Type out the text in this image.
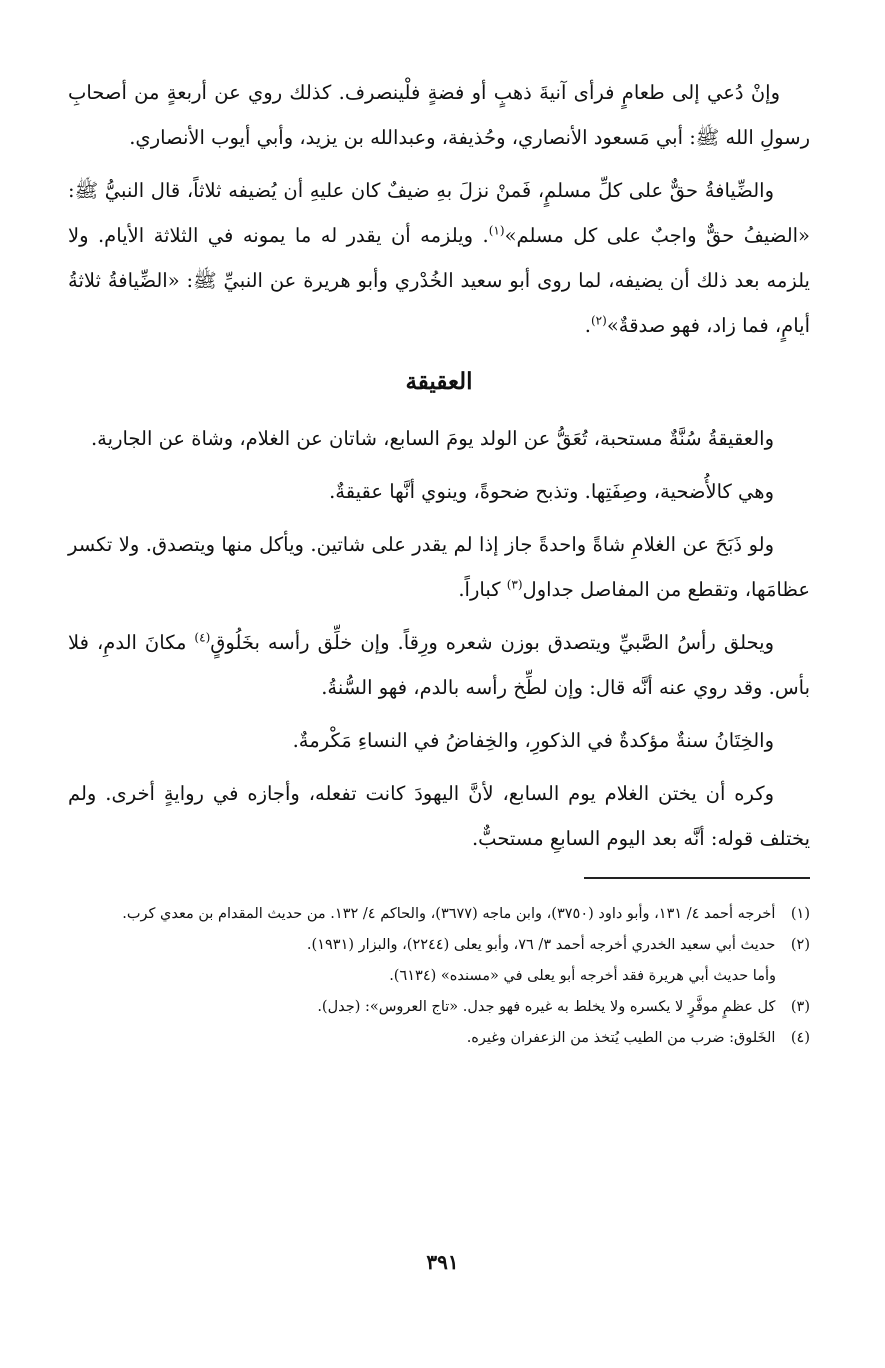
وإنْ دُعي إلى طعامٍ فرأى آنيةَ ذهبٍ أو فضةٍ فلْينصرف. كذلك روي عن أربعةٍ من أصحابِ رسولِ الله ﷺ: أبي مَسعود الأنصاري، وحُذيفة، وعبدالله بن يزيد، وأبي أيوب الأنصاري.

والضِّيافةُ حقٌّ على كلِّ مسلمٍ، فَمنْ نزلَ بهِ ضيفٌ كان عليهِ أن يُضيفه ثلاثاً، قال النبيُّ ﷺ: «الضيفُ حقٌّ واجبٌ على كل مسلم»$^{(١)}$. ويلزمه أن يقدر له ما يمونه في الثلاثة الأيام. ولا يلزمه بعد ذلك أن يضيفه، لما روى أبو سعيد الخُدْري وأبو هريرة عن النبيِّ ﷺ: «الضِّيافةُ ثلاثةُ أيامٍ، فما زاد، فهو صدقةٌ»$^{(٢)}$.

العقيقة

والعقيقةُ سُنَّةٌ مستحبة، تُعَقُّ عن الولد يومَ السابع، شاتان عن الغلام، وشاة عن الجارية.

وهي كالأُضحية، وصِفَتِها. وتذبح ضحوةً، وينوي أنَّها عقيقةٌ.

ولو ذَبَحَ عن الغلامِ شاةً واحدةً جاز إذا لم يقدر على شاتين. ويأكل منها ويتصدق. ولا تكسر عظامَها، وتقطع من المفاصل جداول$^{(٣)}$ كباراً.

ويحلق رأسُ الصَّبيِّ ويتصدق بوزن شعره ورِقاً. وإن خلِّق رأسه بخَلُوقٍ$^{(٤)}$ مكانَ الدمِ، فلا بأس. وقد روي عنه أنَّه قال: وإن لطِّخ رأسه بالدم، فهو السُّنةُ.

والخِتَانُ سنةٌ مؤكدةٌ في الذكورِ، والخِفاضُ في النساءِ مَكْرمةٌ.

وكره أن يختن الغلام يوم السابع، لأنَّ اليهودَ كانت تفعله، وأجازه في روايةٍ أخرى. ولم يختلف قوله: أنَّه بعد اليوم السابعِ مستحبٌّ.

(١) أخرجه أحمد ٤/ ١٣١، وأبو داود (٣٧٥٠)، وابن ماجه (٣٦٧٧)، والحاكم ٤/ ١٣٢. من حديث المقدام بن معدي كرب.

(٢) حديث أبي سعيد الخدري أخرجه أحمد ٣/ ٧٦، وأبو يعلى (٢٢٤٤)، والبزار (١٩٣١).

وأما حديث أبي هريرة فقد أخرجه أبو يعلى في «مسنده» (٦١٣٤).

(٣) كل عظمٍ موفَّرٍ لا يكسره ولا يخلط به غيره فهو جدل. «تاج العروس»: (جدل).

(٤) الخَلوق: ضرب من الطيب يُتخذ من الزعفران وغيره.

٣٩١
